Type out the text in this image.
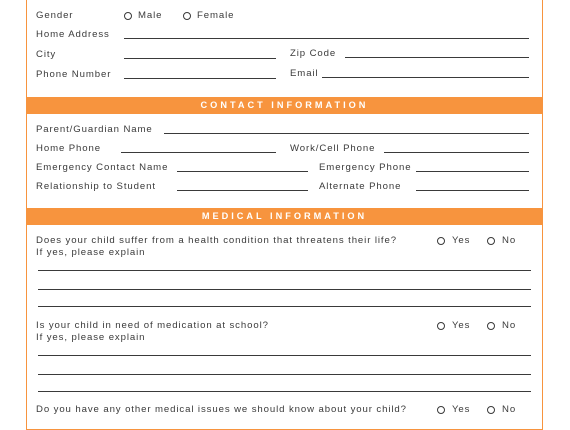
Gender	Male	Female
Home Address
City	Zip Code
Phone Number	Email
CONTACT INFORMATION
Parent/Guardian Name
Home Phone	Work/Cell Phone
Emergency Contact Name	Emergency Phone
Relationship to Student	Alternate Phone
MEDICAL INFORMATION
Does your child suffer from a health condition that threatens their life?
If yes, please explain
Yes	No
Is your child in need of medication at school?
If yes, please explain
Yes	No
Do you have any other medical issues we should know about your child?	Yes	No
